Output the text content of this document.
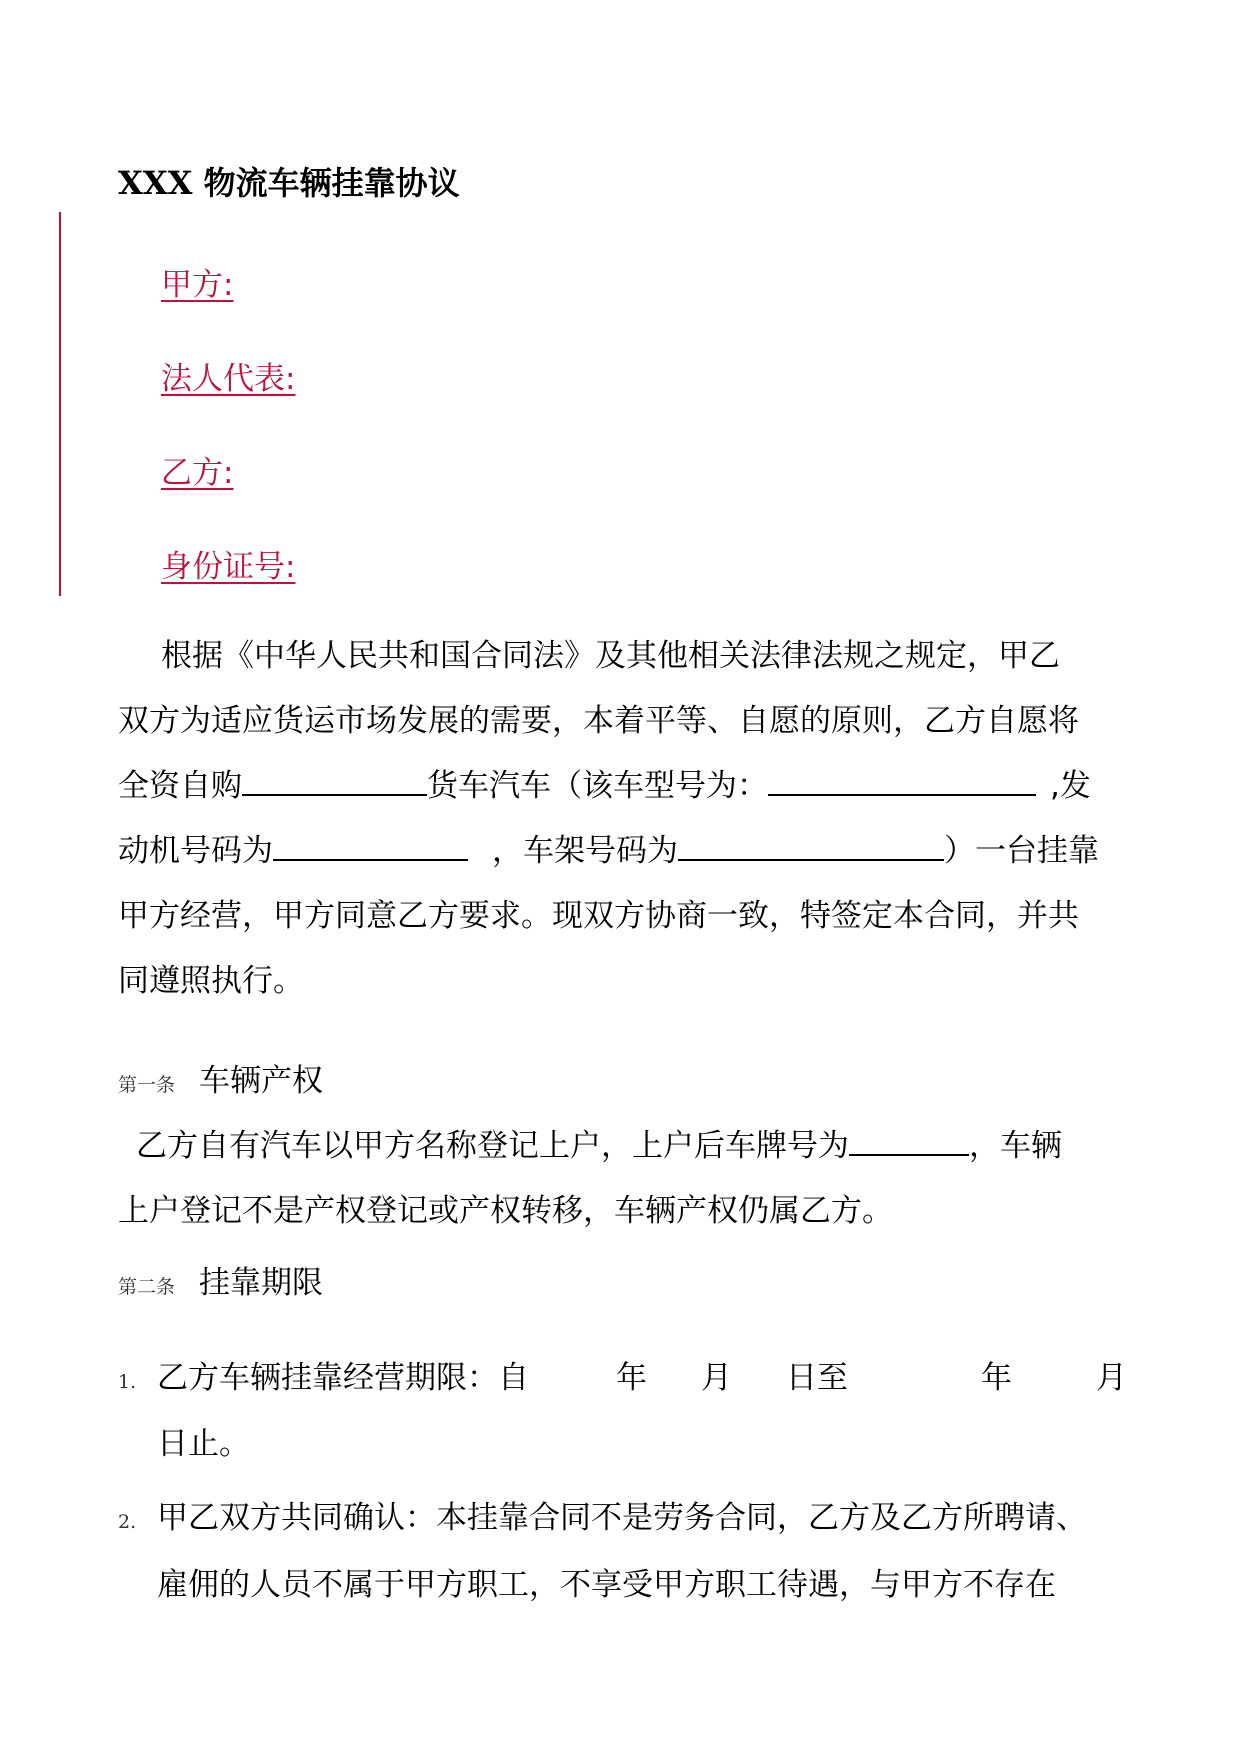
XXX 物流车辆挂靠协议
甲方:
法人代表:
乙方:
身份证号:
根据《中华人民共和国合同法》及其他相关法律法规之规定，甲乙
双方为适应货运市场发展的需要，本着平等、自愿的原则，乙方自愿将
全资自购	货车汽车（该车型号为：	,发
动机号码为	，车架号码为	）一台挂靠
甲方经营，甲方同意乙方要求。现双方协商一致，特签定本合同，并共
同遵照执行。
第一条 车辆产权
乙方自有汽车以甲方名称登记上户，上户后车牌号为	，车辆
上户登记不是产权登记或产权转移，车辆产权仍属乙方。
第二条 挂靠期限
1. 乙方车辆挂靠经营期限：自	年 月 日至	年	月
日止。
2. 甲乙双方共同确认：本挂靠合同不是劳务合同，乙方及乙方所聘请、
雇佣的人员不属于甲方职工，不享受甲方职工待遇，与甲方不存在
